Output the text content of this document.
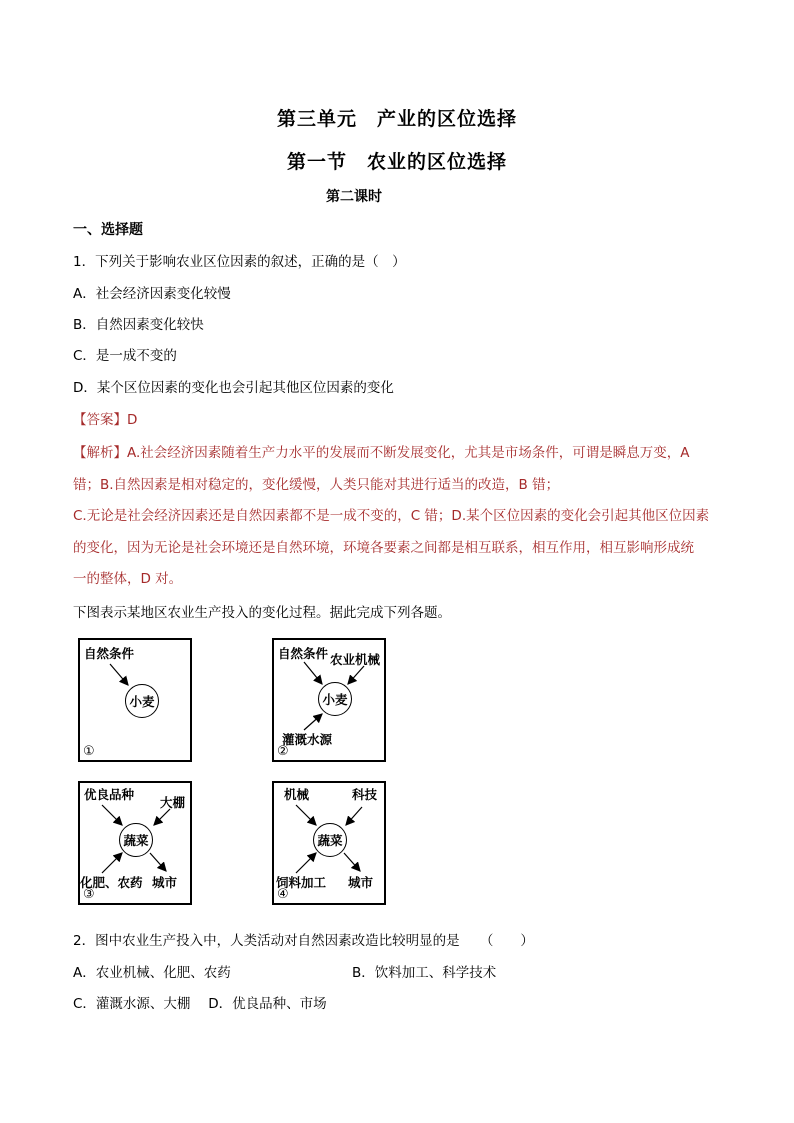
第三单元　产业的区位选择
第一节　农业的区位选择
第二课时
一、选择题
1．下列关于影响农业区位因素的叙述，正确的是（　）
A．社会经济因素变化较慢
B．自然因素变化较快
C．是一成不变的
D．某个区位因素的变化也会引起其他区位因素的变化
【答案】D
【解析】A.社会经济因素随着生产力水平的发展而不断发展变化，尤其是市场条件，可谓是瞬息万变，A
错；B.自然因素是相对稳定的，变化缓慢，人类只能对其进行适当的改造，B 错；
C.无论是社会经济因素还是自然因素都不是一成不变的，C 错；D.某个区位因素的变化会引起其他区位因素
的变化，因为无论是社会环境还是自然环境，环境各要素之间都是相互联系，相互作用，相互影响形成统
一的整体，D 对。
下图表示某地区农业生产投入的变化过程。据此完成下列各题。
自然条件
小麦
①
自然条件 农业机械
小麦
灌溉水源
②
优良品种
大棚
蔬菜
化肥、农药 城市
③
机械	科技
蔬菜
饲料加工 城市
④
2．图中农业生产投入中，人类活动对自然因素改造比较明显的是　　（　　）
A．农业机械、化肥、农药	B．饮料加工、科学技术
C．灌溉水源、大棚　 D．优良品种、市场
